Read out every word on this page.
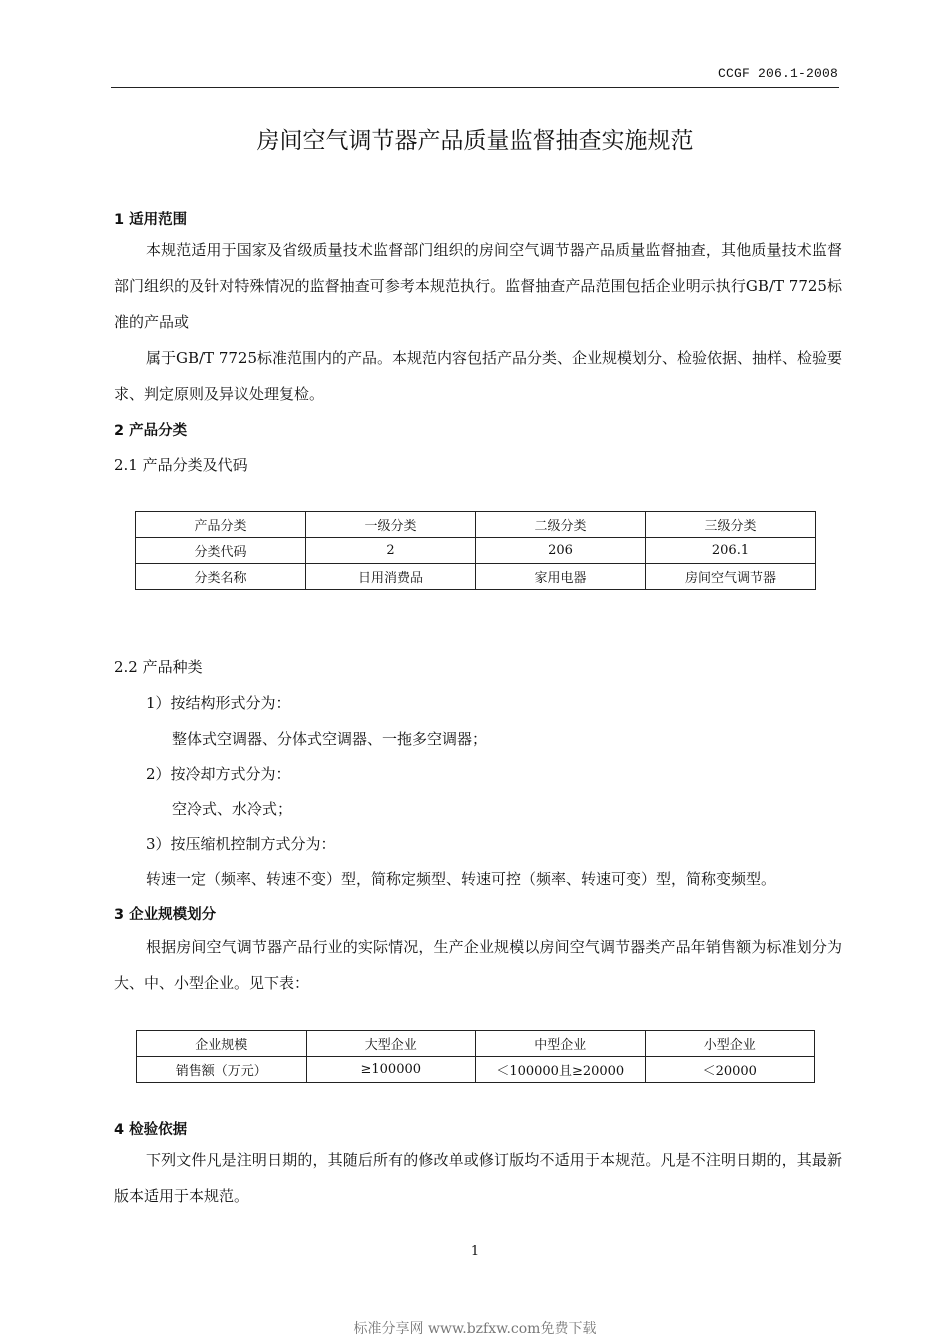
CCGF 206.1-2008
房间空气调节器产品质量监督抽查实施规范
1 适用范围

本规范适用于国家及省级质量技术监督部门组织的房间空气调节器产品质量监督抽查，其他质量技术监督部门组织的及针对特殊情况的监督抽查可参考本规范执行。监督抽查产品范围包括企业明示执行GB/T 7725标准的产品或

属于GB/T 7725标准范围内的产品。本规范内容包括产品分类、企业规模划分、检验依据、抽样、检验要求、判定原则及异议处理复检。

2 产品分类
2.1 产品分类及代码
产品分类	一级分类	二级分类	三级分类
分类代码	2	206	206.1
分类名称	日用消费品	家用电器	房间空气调节器
2.2 产品种类
1）按结构形式分为：
整体式空调器、分体式空调器、一拖多空调器；
2）按冷却方式分为：
空冷式、水冷式；
3）按压缩机控制方式分为：
转速一定（频率、转速不变）型，简称定频型、转速可控（频率、转速可变）型，简称变频型。
3 企业规模划分

根据房间空气调节器产品行业的实际情况，生产企业规模以房间空气调节器类产品年销售额为标准划分为大、中、小型企业。见下表：

企业规模	大型企业	中型企业	小型企业
销售额（万元）	≥100000	＜100000且≥20000	＜20000
4 检验依据

下列文件凡是注明日期的，其随后所有的修改单或修订版均不适用于本规范。凡是不注明日期的，其最新版本适用于本规范。

1
标准分享网 www.bzfxw.com免费下载
